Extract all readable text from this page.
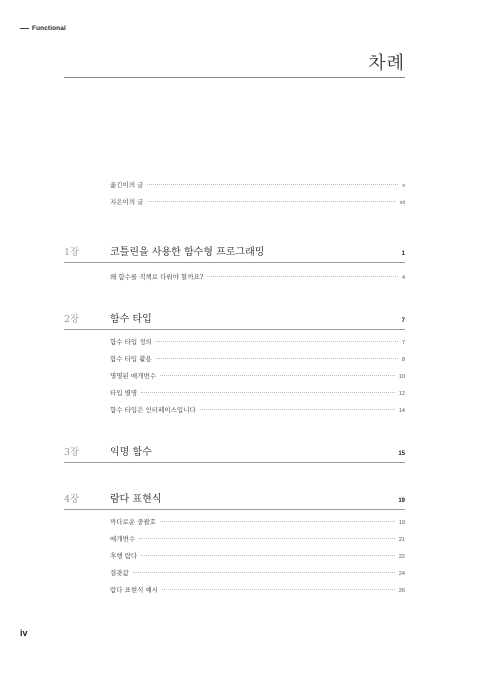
Functional
차례
옮긴이의 글	x
지은이의 글	xii
1장	코틀린을 사용한 함수형 프로그래밍	1
왜 함수를 직책로 다뤄야 할까요?	4
2장	함수 타입	7
함수 타입 정의	7
함수 타입 활용	8
명명된 매개변수	10
타입 별명	12
함수 타입은 인터페이스입니다	14
3장	익명 함수	15
4장	람다 표현식	19
까다로운 중괄호	19
매개변수	21
후행 람다	22
결괏값	24
람다 표현식 예시	26
iv
